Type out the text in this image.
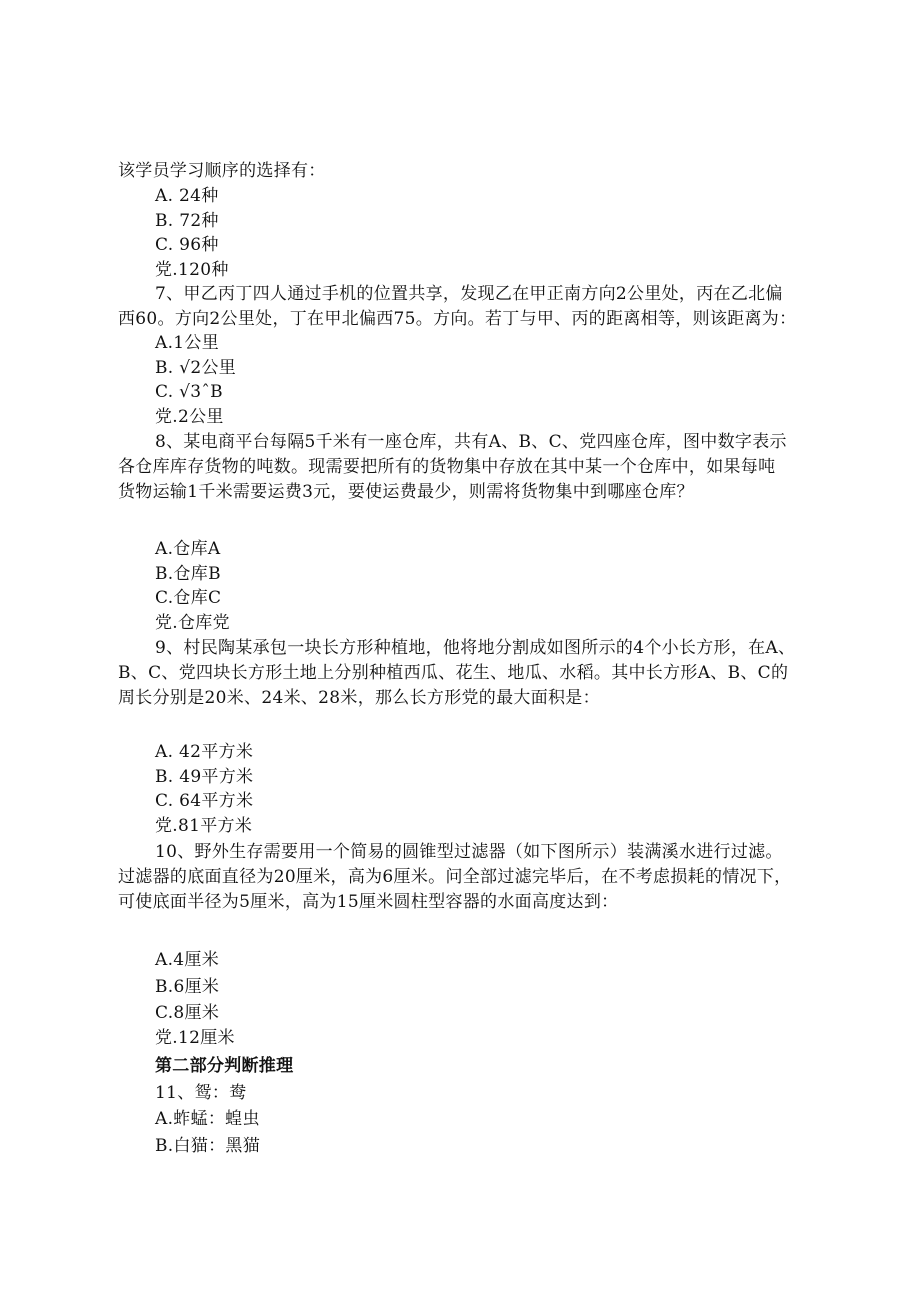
该学员学习顺序的选择有：
A. 24种
B. 72种
C. 96种
党.120种
7、甲乙丙丁四人通过手机的位置共享，发现乙在甲正南方向2公里处，丙在乙北偏
西60。方向2公里处，丁在甲北偏西75。方向。若丁与甲、丙的距离相等，则该距离为：
A.1公里
B. √2公里
C. √3ˆB
党.2公里
8、某电商平台每隔5千米有一座仓库，共有A、B、C、党四座仓库，图中数字表示
各仓库库存货物的吨数。现需要把所有的货物集中存放在其中某一个仓库中，如果每吨
货物运输1千米需要运费3元，要使运费最少，则需将货物集中到哪座仓库？
A.仓库A
B.仓库B
C.仓库C
党.仓库党
9、村民陶某承包一块长方形种植地，他将地分割成如图所示的4个小长方形，在A、
B、C、党四块长方形土地上分别种植西瓜、花生、地瓜、水稻。其中长方形A、B、C的
周长分别是20米、24米、28米，那么长方形党的最大面积是：
A. 42平方米
B. 49平方米
C. 64平方米
党.81平方米
10、野外生存需要用一个简易的圆锥型过滤器（如下图所示）装满溪水进行过滤。
过滤器的底面直径为20厘米，高为6厘米。问全部过滤完毕后，在不考虑损耗的情况下，
可使底面半径为5厘米，高为15厘米圆柱型容器的水面高度达到：
A.4厘米
B.6厘米
C.8厘米
党.12厘米
第二部分判断推理
11、鸳：鸯
A.蚱蜢：蝗虫
B.白猫：黑猫
